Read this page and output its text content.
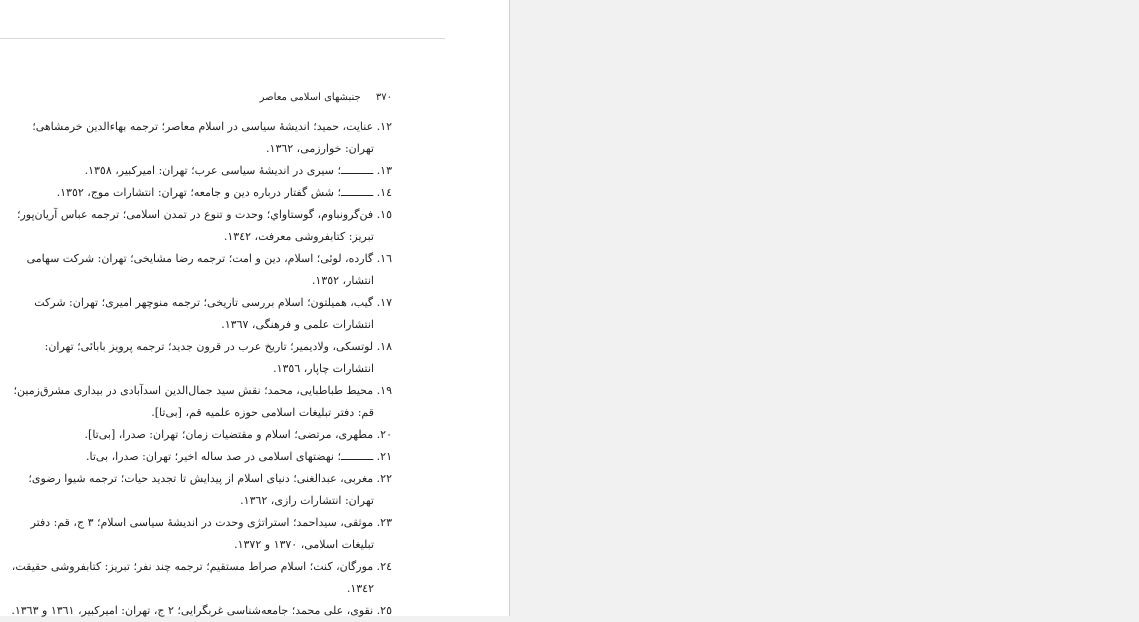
۳۷۰ جنبشهای اسلامی معاصر
١٢. عنایت، حمید؛ اندیشهٔ سیاسی در اسلام معاصر؛ ترجمه بهاءالدین خرمشاهی؛
تهران: خوارزمی، ١٣٦٢.
١٣. ــــــــــ؛ سیری در اندیشهٔ سیاسی عرب؛ تهران: امیرکبیر، ١٣٥٨.
١٤. ــــــــــ؛ شش گفتار درباره دین و جامعه؛ تهران: انتشارات موج، ١٣٥٢.
١٥. فن‌گرونباوم، گوستاواي؛ وحدت و تنوع در تمدن اسلامی؛ ترجمه عباس آریان‌پور؛
تبریز: کتابفروشی معرفت، ١٣٤٢.
١٦. گارده، لوئی؛ اسلام، دین و امت؛ ترجمه رضا مشایخی؛ تهران: شرکت سهامی
انتشار، ١٣٥٢.
١٧. گیب، همیلتون؛ اسلام بررسی تاریخی؛ ترجمه منوچهر امیری؛ تهران: شرکت
انتشارات علمی و فرهنگی، ١٣٦٧.
١٨. لوتسکی، ولادیمیر؛ تاریخ عرب در قرون جدید؛ ترجمه پرویز بابائی؛ تهران:
انتشارات چاپار، ١٣٥٦.
١٩. محیط طباطبایی، محمد؛ نقش سید جمال‌الدین اسدآبادی در بیداری مشرق‌زمین؛
قم: دفتر تبلیغات اسلامی حوزه علمیه قم، [بی‌تا].
٢٠. مطهری، مرتضی؛ اسلام و مقتضیات زمان؛ تهران: صدرا، [بی‌تا].
٢١. ــــــــــ؛ نهضتهای اسلامی در صد ساله اخیر؛ تهران: صدرا، بی‌تا.
٢٢. مغربی، عبدالغنی؛ دنیای اسلام از پیدایش تا تجدید حیات؛ ترجمه شیوا رضوی؛
تهران: انتشارات رازی، ١٣٦٢.
٢٣. موثقی، سیداحمد؛ استراتژی وحدت در اندیشهٔ سیاسی اسلام؛ ٣ ج، قم: دفتر
تبلیغات اسلامی، ١٣٧٠ و ١٣٧٢.
٢٤. مورگان، کنت؛ اسلام صراط مستقیم؛ ترجمه چند نفر؛ تبریز: کتابفروشی حقیقت،
١٣٤٢.
٢٥. نقوی، علی محمد؛ جامعه‌شناسی غربگرایی؛ ٢ ج، تهران: امیرکبیر، ١٣٦١ و ١٣٦٣.
